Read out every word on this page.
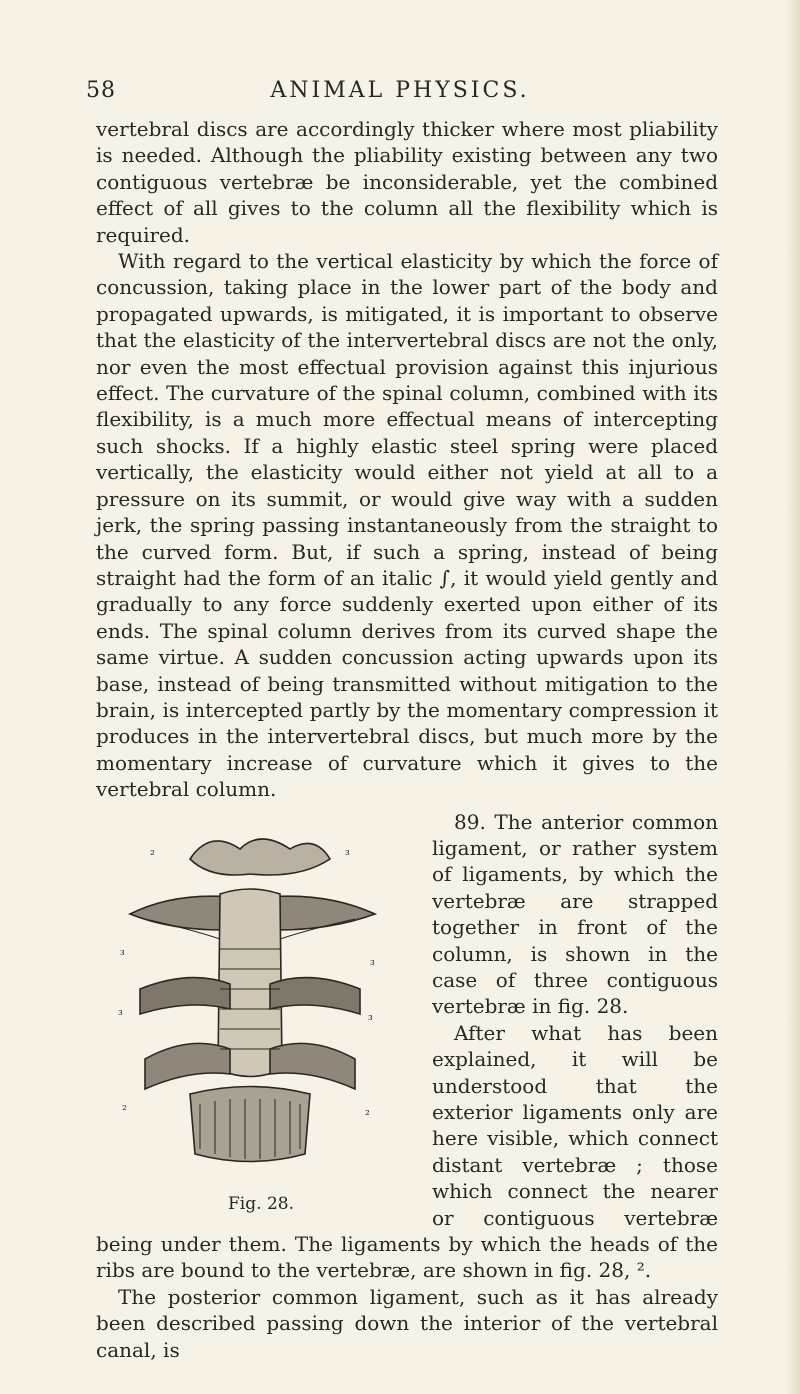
58	ANIMAL PHYSICS.

vertebral discs are accordingly thicker where most pliability is needed. Although the pliability existing between any two contiguous vertebræ be inconsiderable, yet the combined effect of all gives to the column all the flexibility which is required.

With regard to the vertical elasticity by which the force of concussion, taking place in the lower part of the body and propagated upwards, is mitigated, it is important to observe that the elasticity of the intervertebral discs are not the only, nor even the most effectual provision against this injurious effect. The curvature of the spinal column, combined with its flexibility, is a much more effectual means of intercepting such shocks. If a highly elastic steel spring were placed vertically, the elasticity would either not yield at all to a pressure on its summit, or would give way with a sudden jerk, the spring passing instantaneously from the straight to the curved form. But, if such a spring, instead of being straight had the form of an italic ∫, it would yield gently and gradually to any force suddenly exerted upon either of its ends. The spinal column derives from its curved shape the same virtue. A sudden concussion acting upwards upon its base, instead of being transmitted without mitigation to the brain, is intercepted partly by the momentary compression it produces in the intervertebral discs, but much more by the momentary increase of curvature which it gives to the vertebral column.

²	³
³
³
³	³
²	²
Fig. 28.

89. The anterior common ligament, or rather system of ligaments, by which the vertebræ are strapped together in front of the column, is shown in the case of three contiguous vertebræ in fig. 28.

After what has been explained, it will be understood that the exterior ligaments only are here visible, which connect distant vertebræ ; those which connect the nearer or contiguous vertebræ being under them. The ligaments by which the heads of the ribs are bound to the vertebræ, are shown in fig. 28, ².

The posterior common ligament, such as it has already been described passing down the interior of the vertebral canal, is
